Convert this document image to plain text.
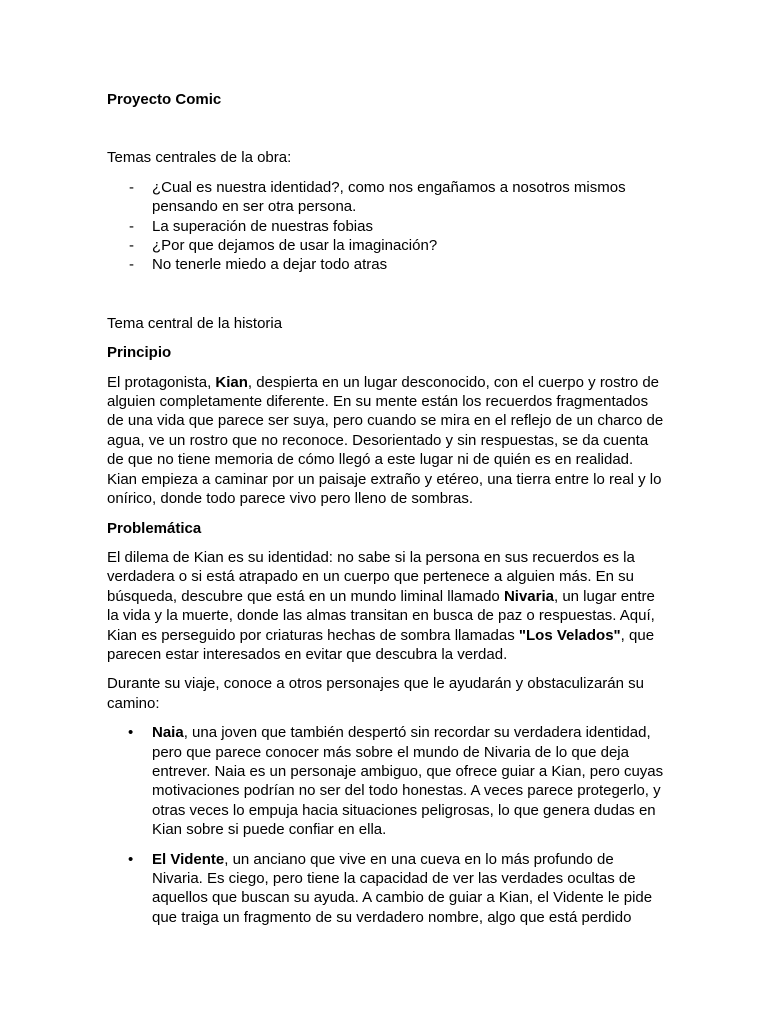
Proyecto Comic

Temas centrales de la obra:

- ¿Cual es nuestra identidad?, como nos engañamos a nosotros mismos pensando en ser otra persona.
- La superación de nuestras fobias
- ¿Por que dejamos de usar la imaginación?
- No tenerle miedo a dejar todo atras

Tema central de la historia

Principio

El protagonista, Kian, despierta en un lugar desconocido, con el cuerpo y rostro de alguien completamente diferente. En su mente están los recuerdos fragmentados de una vida que parece ser suya, pero cuando se mira en el reflejo de un charco de agua, ve un rostro que no reconoce. Desorientado y sin respuestas, se da cuenta de que no tiene memoria de cómo llegó a este lugar ni de quién es en realidad. Kian empieza a caminar por un paisaje extraño y etéreo, una tierra entre lo real y lo onírico, donde todo parece vivo pero lleno de sombras.

Problemática

El dilema de Kian es su identidad: no sabe si la persona en sus recuerdos es la verdadera o si está atrapado en un cuerpo que pertenece a alguien más. En su búsqueda, descubre que está en un mundo liminal llamado Nivaria, un lugar entre la vida y la muerte, donde las almas transitan en busca de paz o respuestas. Aquí, Kian es perseguido por criaturas hechas de sombra llamadas "Los Velados", que parecen estar interesados en evitar que descubra la verdad.

Durante su viaje, conoce a otros personajes que le ayudarán y obstaculizarán su camino:

• Naia, una joven que también despertó sin recordar su verdadera identidad, pero que parece conocer más sobre el mundo de Nivaria de lo que deja entrever. Naia es un personaje ambiguo, que ofrece guiar a Kian, pero cuyas motivaciones podrían no ser del todo honestas. A veces parece protegerlo, y otras veces lo empuja hacia situaciones peligrosas, lo que genera dudas en Kian sobre si puede confiar en ella.
• El Vidente, un anciano que vive en una cueva en lo más profundo de Nivaria. Es ciego, pero tiene la capacidad de ver las verdades ocultas de aquellos que buscan su ayuda. A cambio de guiar a Kian, el Vidente le pide que traiga un fragmento de su verdadero nombre, algo que está perdido
